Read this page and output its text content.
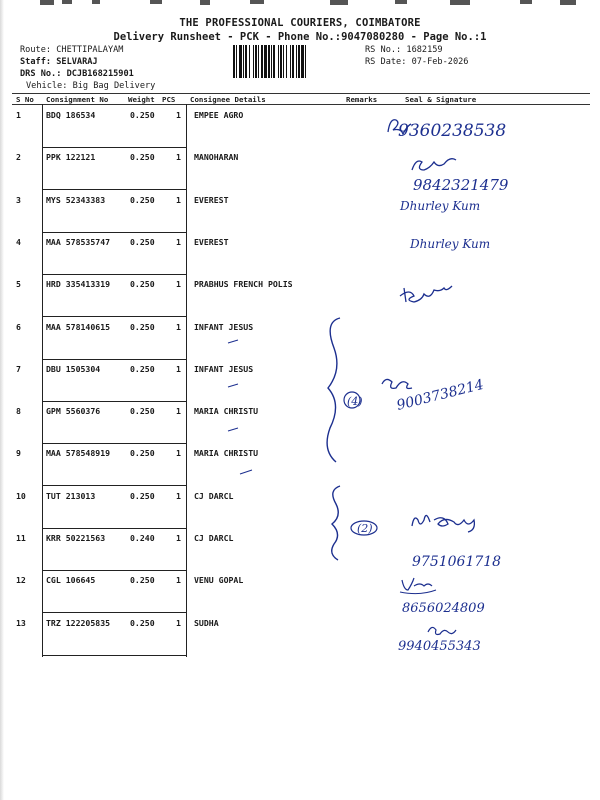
THE PROFESSIONAL COURIERS, COIMBATORE
Delivery Runsheet - PCK - Phone No.:9047080280 - Page No.:1
Route: CHETTIPALAYAM
Staff: SELVARAJ
DRS No.: DCJB168215901
Vehicle: Big Bag Delivery
RS No.: 1682159
RS Date: 07-Feb-2026
S No Consignment No	Weight PCS Consignee Details	Remarks	Seal & Signature
1	BDQ 186534	0.250	1 EMPEE AGRO
2	PPK 122121	0.250	1 MANOHARAN
3	MYS 52343383	0.250	1 EVEREST
4	MAA 578535747 0.250	1 EVEREST
5	HRD 335413319 0.250	1 PRABHUS FRENCH POLIS
6	MAA 578140615 0.250	1 INFANT JESUS
7	DBU 1505304	0.250	1 INFANT JESUS
8	GPM 5560376	0.250	1 MARIA CHRISTU
9	MAA 578548919 0.250	1 MARIA CHRISTU
10 TUT 213013	0.250	1 CJ DARCL
11 KRR 50221563	0.240	1 CJ DARCL
12 CGL 106645	0.250	1 VENU GOPAL
13 TRZ 122205835 0.250	1 SUDHA
9360238538
9842321479
Dhurley Kum
Dhurley Kum
(4) 9003738214
(2)
9751061718
8656024809
9940455343
